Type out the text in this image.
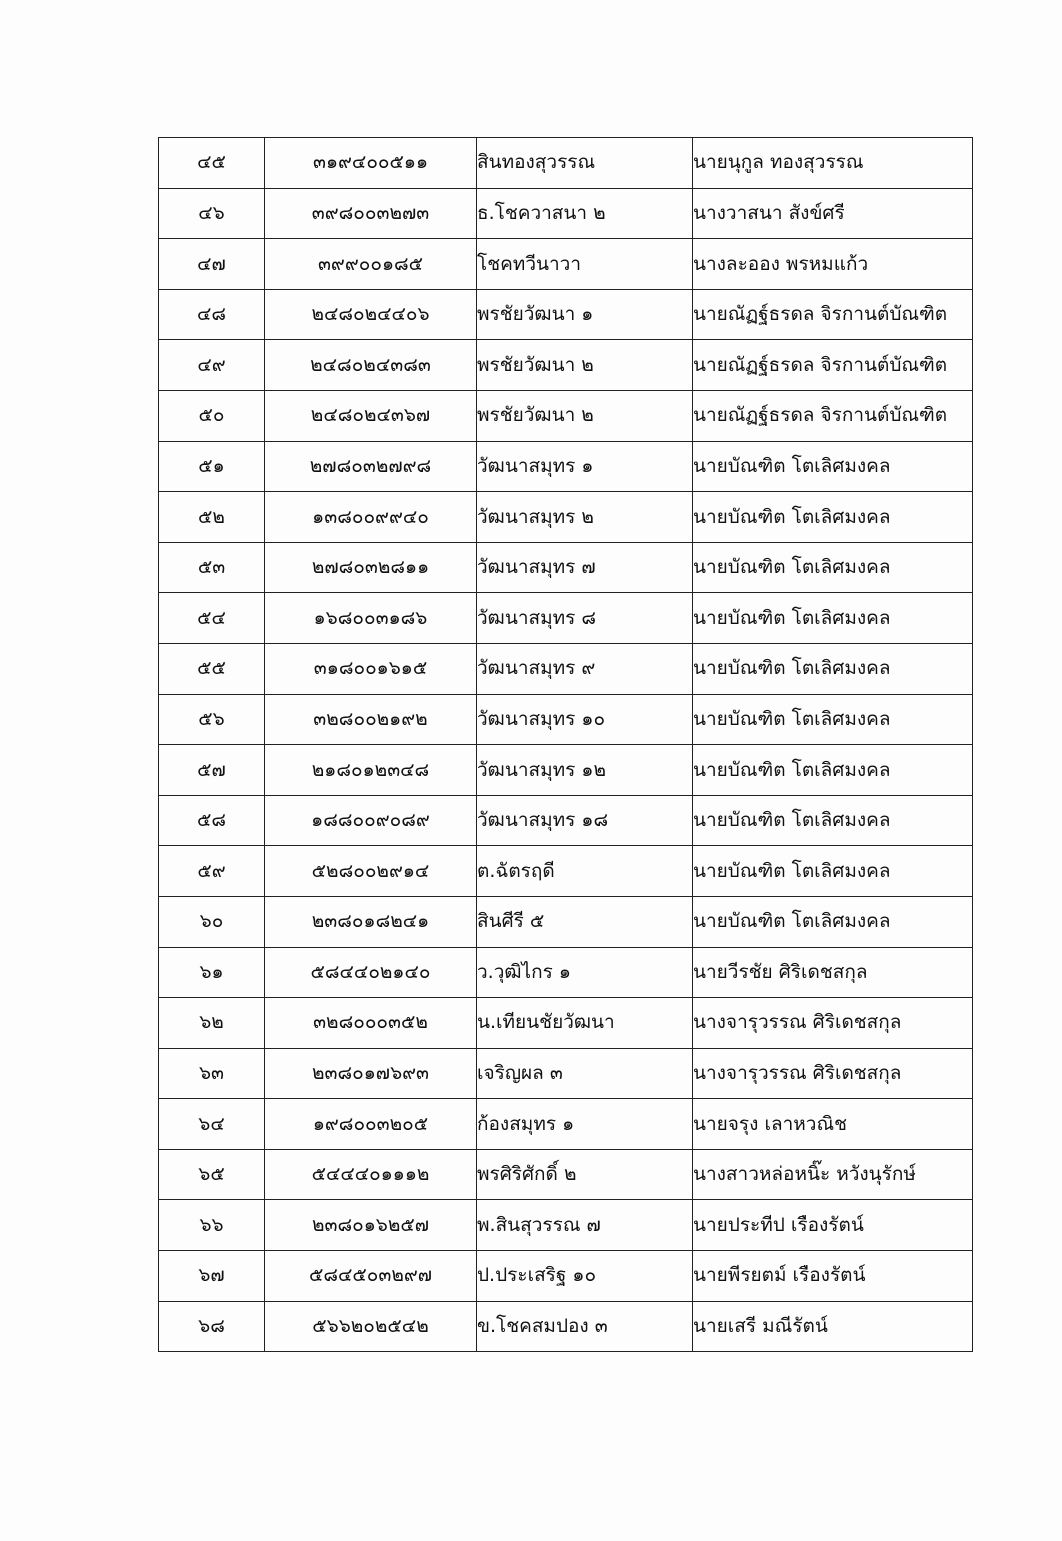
๔๕	๓๑๙๔๐๐๕๑๑	สินทองสุวรรณ	นายนุกูล ทองสุวรรณ
๔๖	๓๙๘๐๐๓๒๗๓	ธ.โชควาสนา ๒	นางวาสนา สังข์ศรี
๔๗	๓๙๙๐๐๑๘๕	โชคทวีนาวา	นางละออง พรหมแก้ว
๔๘	๒๔๘๐๒๔๔๐๖	พรชัยวัฒนา ๑	นายณัฏฐ์ธรดล จิรกานต์บัณฑิต
๔๙	๒๔๘๐๒๔๓๘๓	พรชัยวัฒนา ๒	นายณัฏฐ์ธรดล จิรกานต์บัณฑิต
๕๐	๒๔๘๐๒๔๓๖๗	พรชัยวัฒนา ๒	นายณัฏฐ์ธรดล จิรกานต์บัณฑิต
๕๑	๒๗๘๐๓๒๗๙๘	วัฒนาสมุทร ๑	นายบัณฑิต โตเลิศมงคล
๕๒	๑๓๘๐๐๙๙๔๐	วัฒนาสมุทร ๒	นายบัณฑิต โตเลิศมงคล
๕๓	๒๗๘๐๓๒๘๑๑	วัฒนาสมุทร ๗	นายบัณฑิต โตเลิศมงคล
๕๔	๑๖๘๐๐๓๑๘๖	วัฒนาสมุทร ๘	นายบัณฑิต โตเลิศมงคล
๕๕	๓๑๘๐๐๑๖๑๕	วัฒนาสมุทร ๙	นายบัณฑิต โตเลิศมงคล
๕๖	๓๒๘๐๐๒๑๙๒	วัฒนาสมุทร ๑๐	นายบัณฑิต โตเลิศมงคล
๕๗	๒๑๘๐๑๒๓๔๘	วัฒนาสมุทร ๑๒	นายบัณฑิต โตเลิศมงคล
๕๘	๑๘๘๐๐๙๐๘๙	วัฒนาสมุทร ๑๘	นายบัณฑิต โตเลิศมงคล
๕๙	๕๒๘๐๐๒๙๑๔	ต.ฉัตรฤดี	นายบัณฑิต โตเลิศมงคล
๖๐	๒๓๘๐๑๘๒๔๑	สินศีรี ๕	นายบัณฑิต โตเลิศมงคล
๖๑	๕๘๔๔๐๒๑๔๐	ว.วุฒิไกร ๑	นายวีรชัย ศิริเดชสกุล
๖๒	๓๒๘๐๐๐๓๕๒	น.เทียนชัยวัฒนา	นางจารุวรรณ ศิริเดชสกุล
๖๓	๒๓๘๐๑๗๖๙๓	เจริญผล ๓	นางจารุวรรณ ศิริเดชสกุล
๖๔	๑๙๘๐๐๓๒๐๕	ก้องสมุทร ๑	นายจรุง เลาหวณิช
๖๕	๕๔๔๔๐๑๑๑๒	พรศิริศักดิ์ ๒	นางสาวหล่อหนิ๊ะ หวังนุรักษ์
๖๖	๒๓๘๐๑๖๒๕๗	พ.สินสุวรรณ ๗	นายประทีป เรืองรัตน์
๖๗	๕๘๔๕๐๓๒๙๗	ป.ประเสริฐ ๑๐	นายพีรยตม์ เรืองรัตน์
๖๘	๕๖๖๒๐๒๕๔๒	ข.โชคสมปอง ๓	นายเสรี มณีรัตน์
